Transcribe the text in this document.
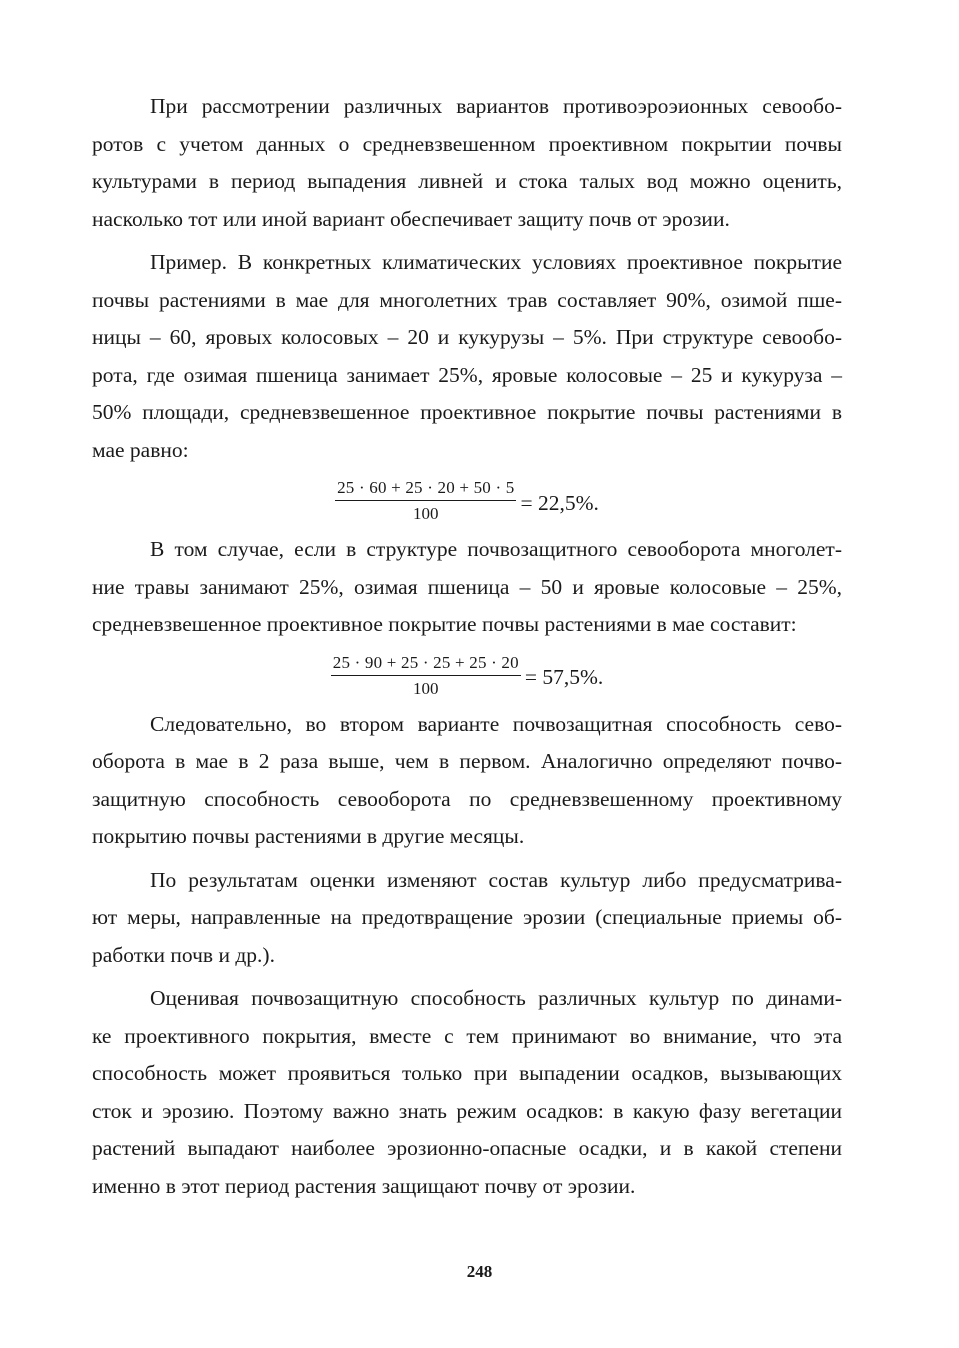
При рассмотрении различных вариантов противоэроэионных севообо-
ротов с учетом данных о средневзвешенном проективном покрытии почвы
культурами в период выпадения ливней и стока талых вод можно оценить,
насколько тот или иной вариант обеспечивает защиту почв от эрозии.

Пример. В конкретных климатических условиях проективное покрытие
почвы растениями в мае для многолетних трав составляет 90%, озимой пше-
ницы – 60, яровых колосовых – 20 и кукурузы – 5%. При структуре севообо-
рота, где озимая пшеница занимает 25%, яровые колосовые – 25 и кукуруза –
50% площади, средневзвешенное проективное покрытие почвы растениями в
мае равно:

$\frac{25 \cdot 60 + 25 \cdot 20 + 50 \cdot 5}{100} = 22,5\%$.

В том случае, если в структуре почвозащитного севооборота многолет-
ние травы занимают 25%, озимая пшеница – 50 и яровые колосовые – 25%,
средневзвешенное проективное покрытие почвы растениями в мае составит:

$\frac{25 \cdot 90 + 25 \cdot 25 + 25 \cdot 20}{100} = 57,5\%$.

Следовательно, во втором варианте почвозащитная способность сево-
оборота в мае в 2 раза выше, чем в первом. Аналогично определяют почво-
защитную способность севооборота по средневзвешенному проективному
покрытию почвы растениями в другие месяцы.

По результатам оценки изменяют состав культур либо предусматрива-
ют меры, направленные на предотвращение эрозии (специальные приемы об-
работки почв и др.).

Оценивая почвозащитную способность различных культур по динами-
ке проективного покрытия, вместе с тем принимают во внимание, что эта
способность может проявиться только при выпадении осадков, вызывающих
сток и эрозию. Поэтому важно знать режим осадков: в какую фазу вегетации
растений выпадают наиболее эрозионно-опасные осадки, и в какой степени
именно в этот период растения защищают почву от эрозии.

248
